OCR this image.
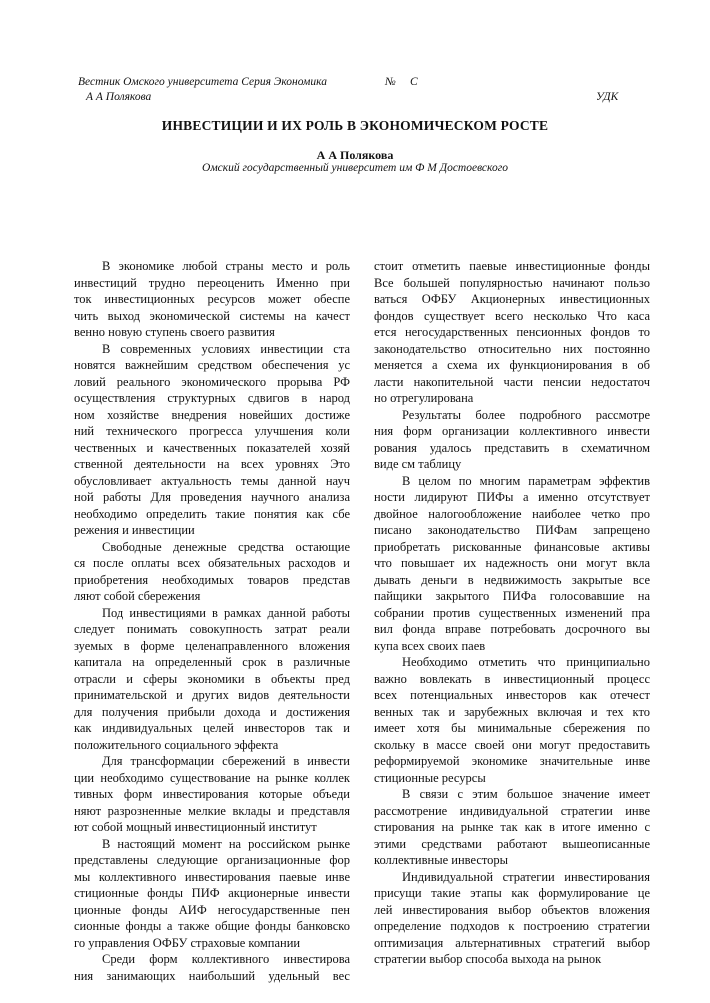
Вестник Омского университета Серия Экономика	№ С
А А Полякова	УДК
ИНВЕСТИЦИИ И ИХ РОЛЬ В ЭКОНОМИЧЕСКОМ РОСТЕ
А А Полякова
Омский государственный университет им Ф М Достоевского
В экономике любой страны место и роль
инвестиций трудно переоценить Именно при
ток инвестиционных ресурсов может обеспе
чить выход экономической системы на качест
венно новую ступень своего развития
В современных условиях инвестиции ста
новятся важнейшим средством обеспечения ус
ловий реального экономического прорыва РФ
осуществления структурных сдвигов в народ
ном хозяйстве внедрения новейших достиже
ний технического прогресса улучшения коли
чественных и качественных показателей хозяй
ственной деятельности на всех уровнях Это
обусловливает актуальность темы данной науч
ной работы Для проведения научного анализа
необходимо определить такие понятия как сбе
режения и инвестиции
Свободные денежные средства остающие
ся после оплаты всех обязательных расходов и
приобретения необходимых товаров представ
ляют собой сбережения
Под инвестициями в рамках данной работы
следует понимать совокупность затрат реали
зуемых в форме целенаправленного вложения
капитала на определенный срок в различные
отрасли и сферы экономики в объекты пред
принимательской и других видов деятельности
для получения прибыли дохода и достижения
как индивидуальных целей инвесторов так и
положительного социального эффекта
Для трансформации сбережений в инвести
ции необходимо существование на рынке коллек
тивных форм инвестирования которые объеди
няют разрозненные мелкие вклады и представля
ют собой мощный инвестиционный институт
В настоящий момент на российском рынке
представлены следующие организационные фор
мы коллективного инвестирования паевые инве
стиционные фонды ПИФ акционерные инвести
ционные фонды АИФ негосударственные пен
сионные фонды а также общие фонды банковско
го управления ОФБУ страховые компании
Среди форм коллективного инвестирова
ния занимающих наибольший удельный вес
стоит отметить паевые инвестиционные фонды
Все большей популярностью начинают пользо
ваться ОФБУ Акционерных инвестиционных
фондов существует всего несколько Что каса
ется негосударственных пенсионных фондов то
законодательство относительно них постоянно
меняется а схема их функционирования в об
ласти накопительной части пенсии недостаточ
но отрегулирована
Результаты более подробного рассмотре
ния форм организации коллективного инвести
рования удалось представить в схематичном
виде см таблицу
В целом по многим параметрам эффектив
ности лидируют ПИФы а именно отсутствует
двойное налогообложение наиболее четко про
писано законодательство ПИФам запрещено
приобретать рискованные финансовые активы
что повышает их надежность они могут вкла
дывать деньги в недвижимость закрытые все
пайщики закрытого ПИФа голосовавшие на
собрании против существенных изменений пра
вил фонда вправе потребовать досрочного вы
купа всех своих паев
Необходимо отметить что принципиально
важно вовлекать в инвестиционный процесс
всех потенциальных инвесторов как отечест
венных так и зарубежных включая и тех кто
имеет хотя бы минимальные сбережения по
скольку в массе своей они могут предоставить
реформируемой экономике значительные инве
стиционные ресурсы
В связи с этим большое значение имеет
рассмотрение индивидуальной стратегии инве
стирования на рынке так как в итоге именно с
этими средствами работают вышеописанные
коллективные инвесторы
Индивидуальной стратегии инвестирования
присущи такие этапы как формулирование це
лей инвестирования выбор объектов вложения
определение подходов к построению стратегии
оптимизация альтернативных стратегий выбор
стратегии выбор способа выхода на рынок
